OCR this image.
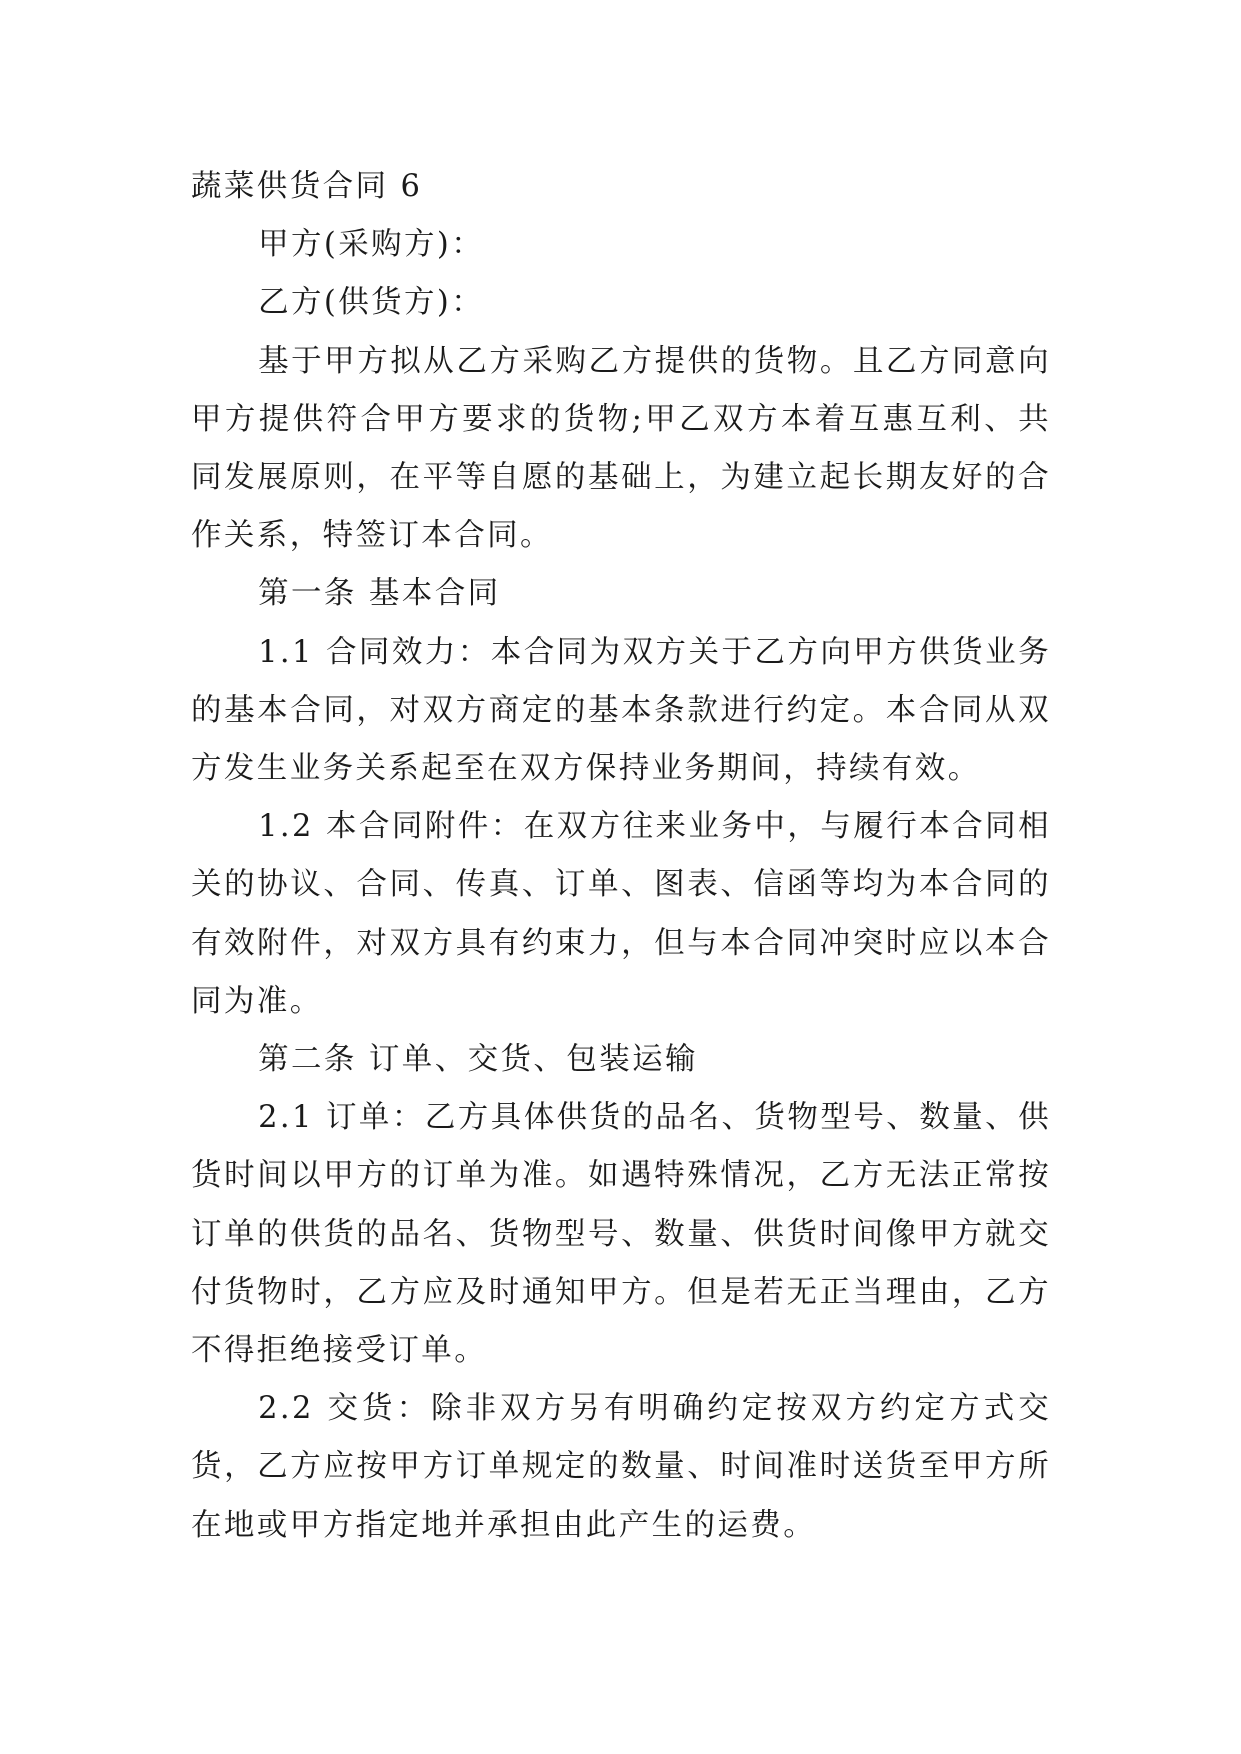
蔬菜供货合同 6

甲方(采购方)：

乙方(供货方)：

基于甲方拟从乙方采购乙方提供的货物。且乙方同意向甲方提供符合甲方要求的货物;甲乙双方本着互惠互利、共同发展原则，在平等自愿的基础上，为建立起长期友好的合作关系，特签订本合同。

第一条 基本合同

1.1 合同效力：本合同为双方关于乙方向甲方供货业务的基本合同，对双方商定的基本条款进行约定。本合同从双方发生业务关系起至在双方保持业务期间，持续有效。

1.2 本合同附件：在双方往来业务中，与履行本合同相关的协议、合同、传真、订单、图表、信函等均为本合同的有效附件，对双方具有约束力，但与本合同冲突时应以本合同为准。

第二条 订单、交货、包装运输

2.1 订单：乙方具体供货的品名、货物型号、数量、供货时间以甲方的订单为准。如遇特殊情况，乙方无法正常按订单的供货的品名、货物型号、数量、供货时间像甲方就交付货物时，乙方应及时通知甲方。但是若无正当理由，乙方不得拒绝接受订单。

2.2 交货：除非双方另有明确约定按双方约定方式交货，乙方应按甲方订单规定的数量、时间准时送货至甲方所在地或甲方指定地并承担由此产生的运费。
